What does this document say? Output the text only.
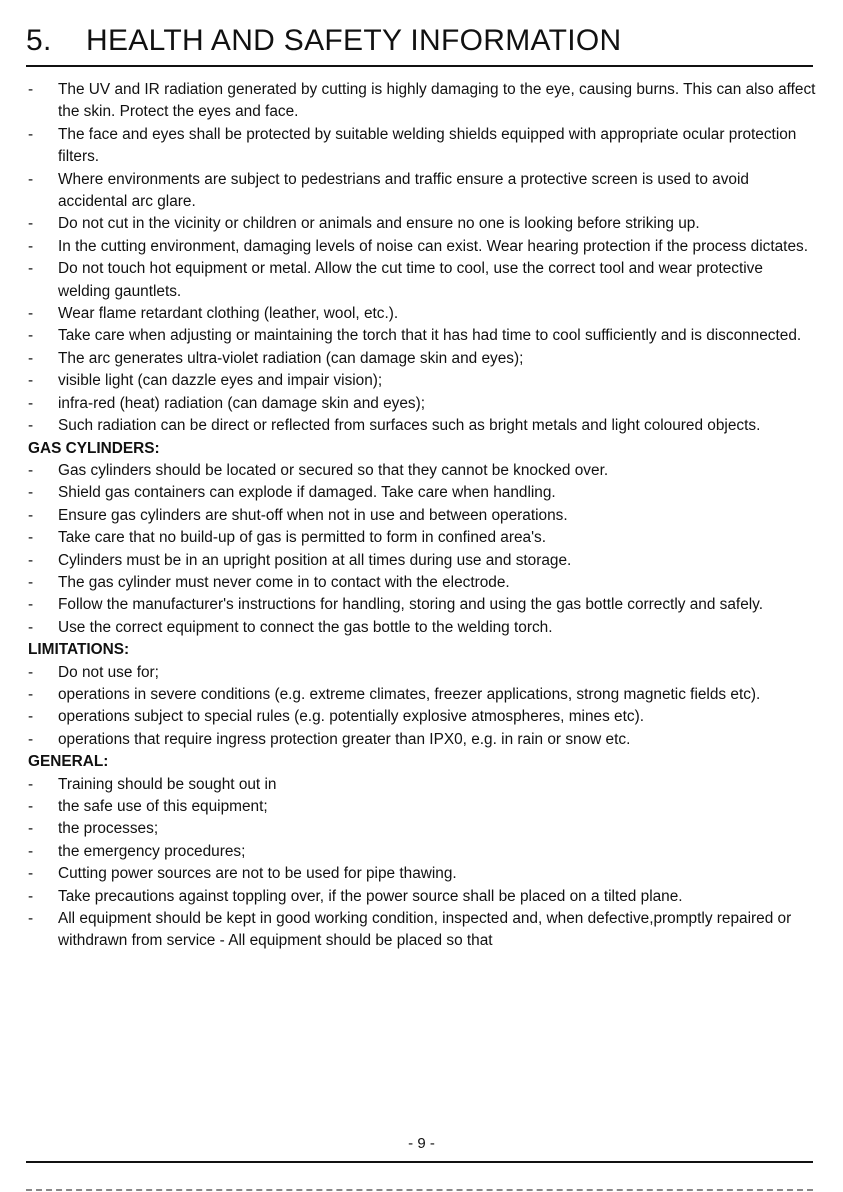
5. HEALTH AND SAFETY INFORMATION
- The UV and IR radiation generated by cutting is highly damaging to the eye, causing burns. This can also affect the skin. Protect the eyes and face.
- The face and eyes shall be protected by suitable welding shields equipped with appropriate ocular protection filters.
- Where environments are subject to pedestrians and traffic ensure a protective screen is used to avoid accidental arc glare.
- Do not cut in the vicinity or children or animals and ensure no one is looking before striking up.
- In the cutting environment, damaging levels of noise can exist. Wear hearing protection if the process dictates.
- Do not touch hot equipment or metal. Allow the cut time to cool, use the correct tool and wear protective welding gauntlets.
- Wear flame retardant clothing (leather, wool, etc.).
- Take care when adjusting or maintaining the torch that it has had time to cool sufficiently and is disconnected.
- The arc generates ultra-violet radiation (can damage skin and eyes);
- visible light (can dazzle eyes and impair vision);
- infra-red (heat) radiation (can damage skin and eyes);
- Such radiation can be direct or reflected from surfaces such as bright metals and light coloured objects.
GAS CYLINDERS:
- Gas cylinders should be located or secured so that they cannot be knocked over.
- Shield gas containers can explode if damaged. Take care when handling.
- Ensure gas cylinders are shut-off when not in use and between operations.
- Take care that no build-up of gas is permitted to form in confined area's.
- Cylinders must be in an upright position at all times during use and storage.
- The gas cylinder must never come in to contact with the electrode.
- Follow the manufacturer's instructions for handling, storing and using the gas bottle correctly and safely.
- Use the correct equipment to connect the gas bottle to the welding torch.
LIMITATIONS:
- Do not use for;
- operations in severe conditions (e.g. extreme climates, freezer applications, strong magnetic fields etc).
- operations subject to special rules (e.g. potentially explosive atmospheres, mines etc).
- operations that require ingress protection greater than IPX0, e.g. in rain or snow etc.
GENERAL:
- Training should be sought out in
- the safe use of this equipment;
- the processes;
- the emergency procedures;
- Cutting power sources are not to be used for pipe thawing.
- Take precautions against toppling over, if the power source shall be placed on a tilted plane.
- All equipment should be kept in good working condition, inspected and, when defective,promptly repaired or withdrawn from service - All equipment should be placed so that
- 9 -
